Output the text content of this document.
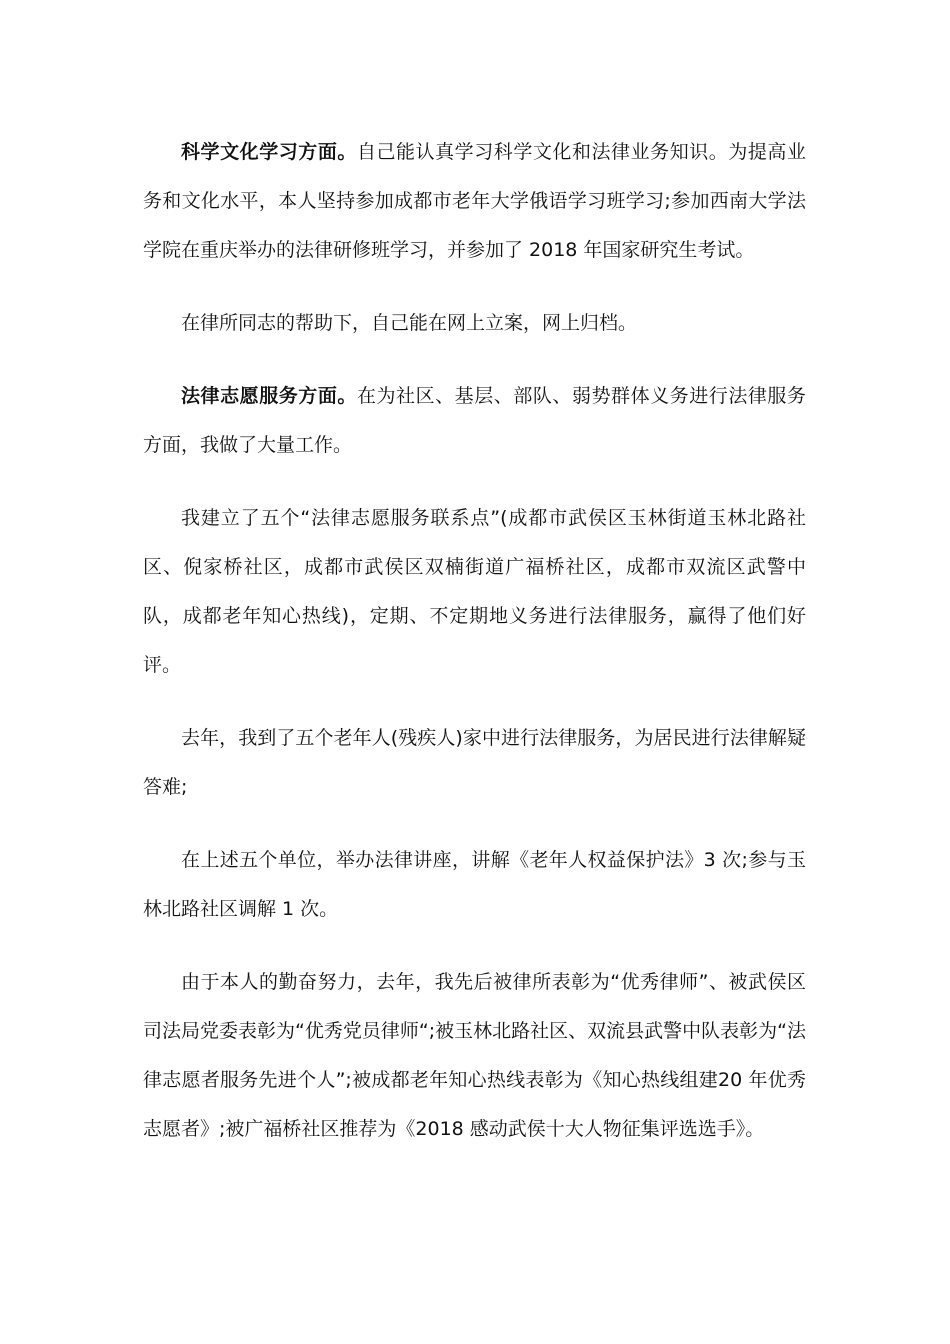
科学文化学习方面。自己能认真学习科学文化和法律业务知识。为提高业务和文化水平，本人坚持参加成都市老年大学俄语学习班学习;参加西南大学法学院在重庆举办的法律研修班学习，并参加了 2018 年国家研究生考试。

在律所同志的帮助下，自己能在网上立案，网上归档。

法律志愿服务方面。在为社区、基层、部队、弱势群体义务进行法律服务方面，我做了大量工作。

我建立了五个“法律志愿服务联系点”(成都市武侯区玉林街道玉林北路社区、倪家桥社区，成都市武侯区双楠街道广福桥社区，成都市双流区武警中队，成都老年知心热线)，定期、不定期地义务进行法律服务，赢得了他们好评。

去年，我到了五个老年人(残疾人)家中进行法律服务，为居民进行法律解疑答难;

在上述五个单位，举办法律讲座，讲解《老年人权益保护法》3 次;参与玉林北路社区调解 1 次。

由于本人的勤奋努力，去年，我先后被律所表彰为“优秀律师”、被武侯区司法局党委表彰为“优秀党员律师“;被玉林北路社区、双流县武警中队表彰为“法律志愿者服务先进个人”;被成都老年知心热线表彰为《知心热线组建20 年优秀志愿者》;被广福桥社区推荐为《2018 感动武侯十大人物征集评选选手》。
